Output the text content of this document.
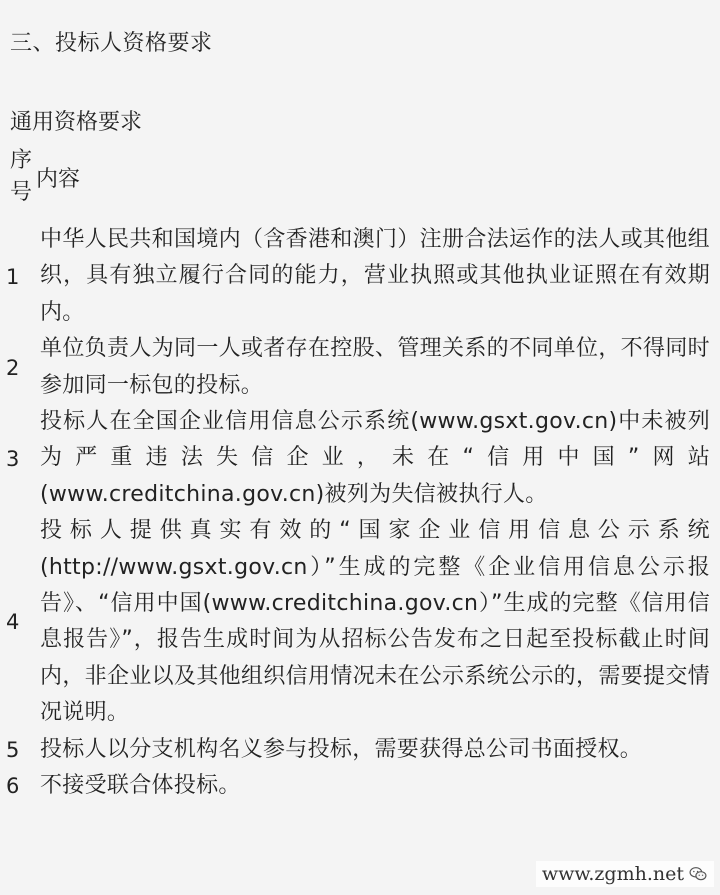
三、投标人资格要求
通用资格要求
序号
内容
1
中华人民共和国境内（含香港和澳门）注册合法运作的法人或其他组织，具有独立履行合同的能力，营业执照或其他执业证照在有效期内。
2
单位负责人为同一人或者存在控股、管理关系的不同单位，不得同时参加同一标包的投标。
3
投标人在全国企业信用信息公示系统(www.gsxt.gov.cn)中未被列为严重违法失信企业，未在“信用中国”网站(www.creditchina.gov.cn)被列为失信被执行人。
4
投标人提供真实有效的“国家企业信用信息公示系统(http://www.gsxt.gov.cn）”生成的完整《企业信用信息公示报告》、“信用中国(www.creditchina.gov.cn）”生成的完整《信用信息报告》”，报告生成时间为从招标公告发布之日起至投标截止时间内，非企业以及其他组织信用情况未在公示系统公示的，需要提交情况说明。
5 投标人以分支机构名义参与投标，需要获得总公司书面授权。
6 不接受联合体投标。
www.zgmh.net
